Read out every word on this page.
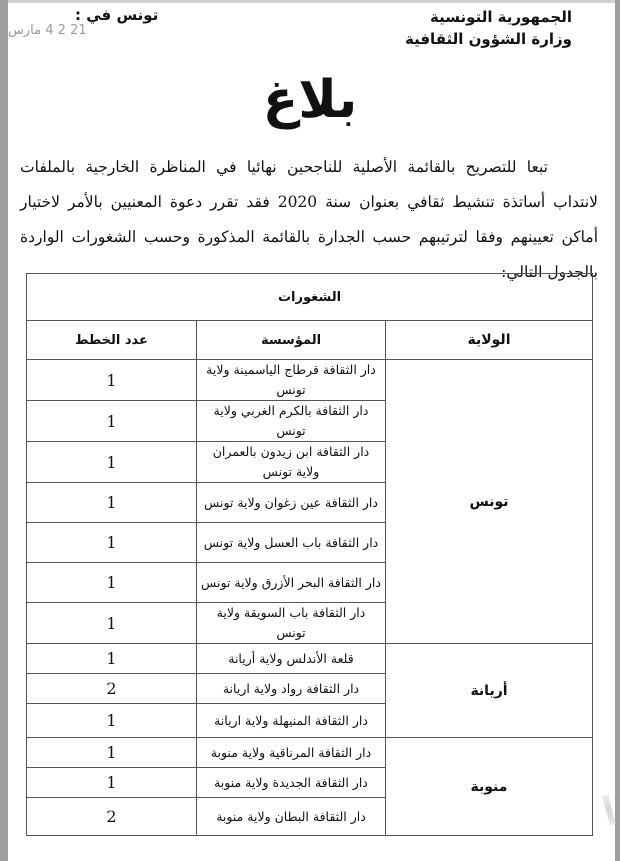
الجمهورية التونسية
وزارة الشؤون الثقافية
تونس في :
21 2 4 مارس
بلاغ
تبعا للتصريح بالقائمة الأصلية للناجحين نهائيا في المناظرة الخارجية بالملفات لانتداب أساتذة تنشيط ثقافي بعنوان سنة 2020 فقد تقرر دعوة المعنيين بالأمر لاختيار أماكن تعيينهم وفقا لترتيبهم حسب الجدارة بالقائمة المذكورة وحسب الشغورات الواردة بالجدول التالي:
الشغورات		
الولاية	المؤسسة	عدد الخطط
تونس	دار الثقافة قرطاج الياسمينة ولاية تونس	1
	دار الثقافة بالكرم الغربي ولاية تونس	1
	دار الثقافة ابن زيدون بالعمران ولاية تونس	1
	دار الثقافة عين زغوان ولاية تونس	1
	دار الثقافة باب العسل ولاية تونس	1
	دار الثقافة البحر الأزرق ولاية تونس	1
	دار الثقافة باب السويقة ولاية تونس	1
أريانة	قلعة الأندلس ولاية أريانة	1
	دار الثقافة رواد ولاية اريانة	2
	دار الثقافة المنيهلة ولاية اريانة	1
منوبة	دار الثقافة المرناقية ولاية منوبة	1
	دار الثقافة الجديدة ولاية منوبة	1
	دار الثقافة البطان ولاية منوبة	2
